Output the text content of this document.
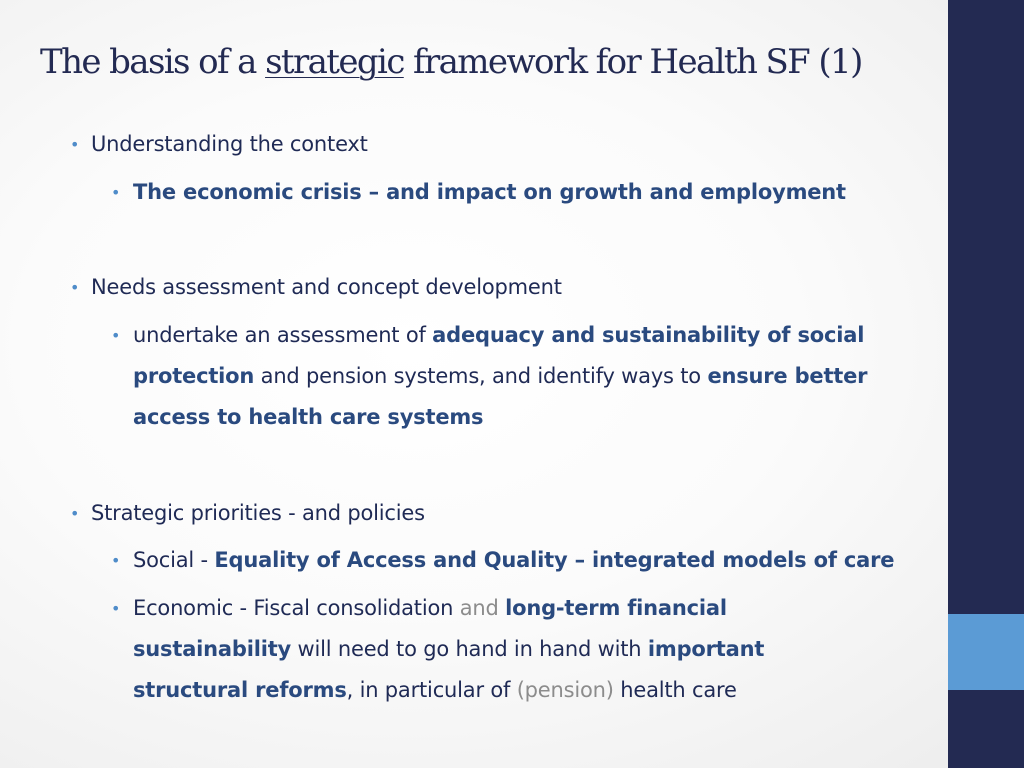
The basis of a strategic framework for Health SF (1)
• Understanding the context
• The economic crisis – and impact on growth and employment
• Needs assessment and concept development
• undertake an assessment of adequacy and sustainability of social protection and pension systems, and identify ways to ensure better access to health care systems
• Strategic priorities - and policies
• Social - Equality of Access and Quality – integrated models of care
• Economic - Fiscal consolidation and long-term financial sustainability will need to go hand in hand with important structural reforms, in particular of (pension) health care
